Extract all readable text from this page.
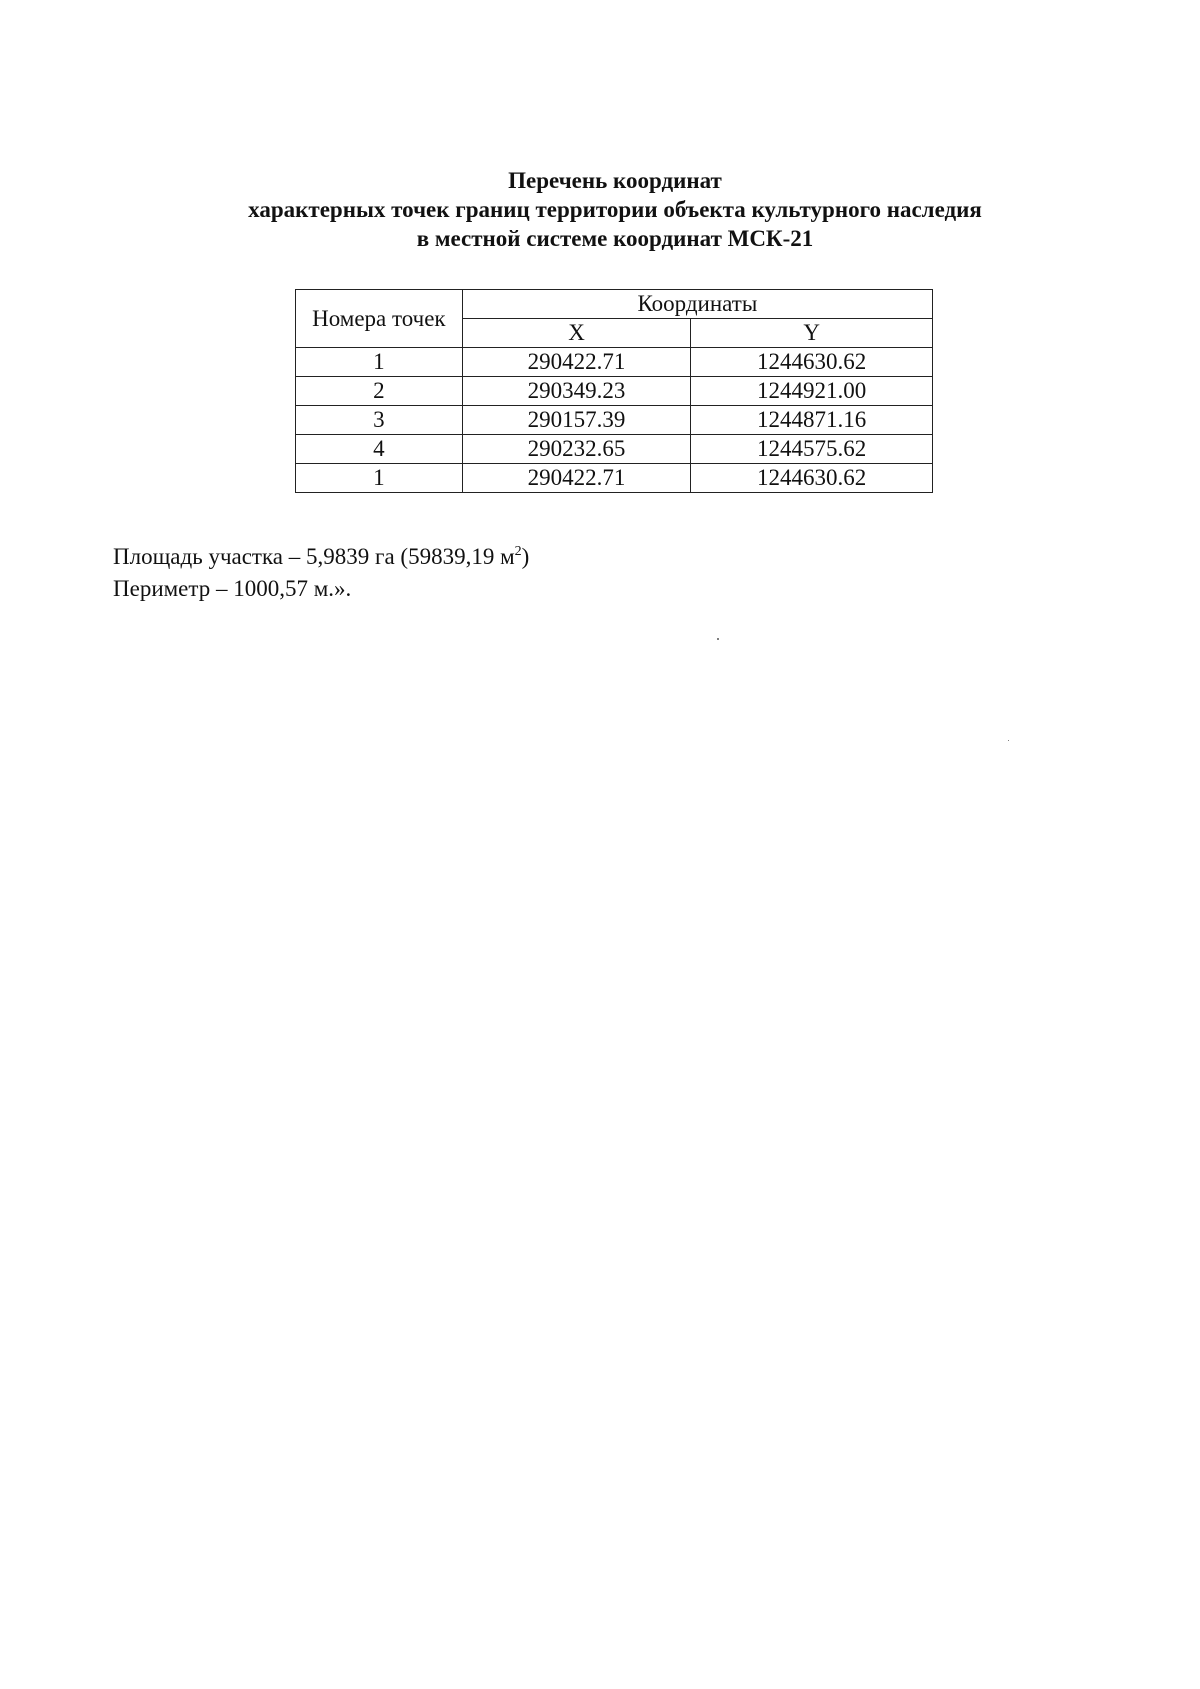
Перечень координат
характерных точек границ территории объекта культурного наследия
в местной системе координат МСК-21
Номера точек	Координаты	
	X	Y
1	290422.71	1244630.62
2	290349.23	1244921.00
3	290157.39	1244871.16
4	290232.65	1244575.62
1	290422.71	1244630.62
Площадь участка – 5,9839 га (59839,19 $м^2$)
Периметр – 1000,57 м.».
